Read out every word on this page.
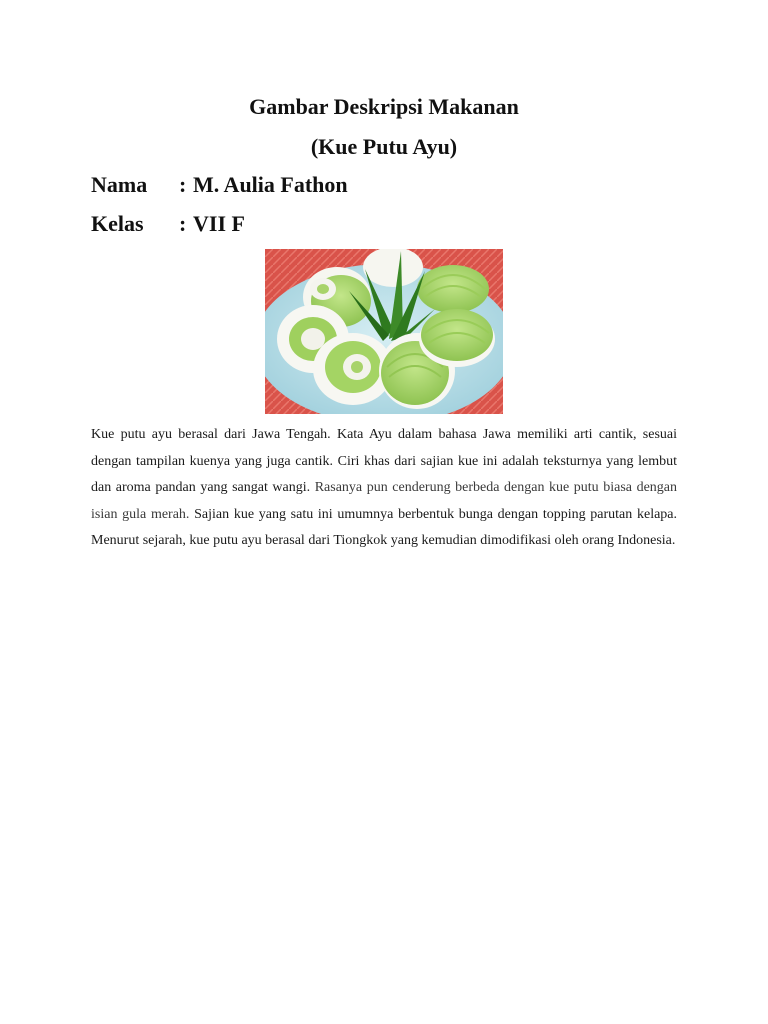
Gambar Deskripsi Makanan
(Kue Putu Ayu)
Nama	: M. Aulia Fathon
Kelas	: VII F

Kue putu ayu berasal dari Jawa Tengah. Kata Ayu dalam bahasa Jawa memiliki arti cantik, sesuai dengan tampilan kuenya yang juga cantik. Ciri khas dari sajian kue ini adalah teksturnya yang lembut dan aroma pandan yang sangat wangi. Rasanya pun cenderung berbeda dengan kue putu biasa dengan isian gula merah. Sajian kue yang satu ini umumnya berbentuk bunga dengan topping parutan kelapa. Menurut sejarah, kue putu ayu berasal dari Tiongkok yang kemudian dimodifikasi oleh orang Indonesia.
